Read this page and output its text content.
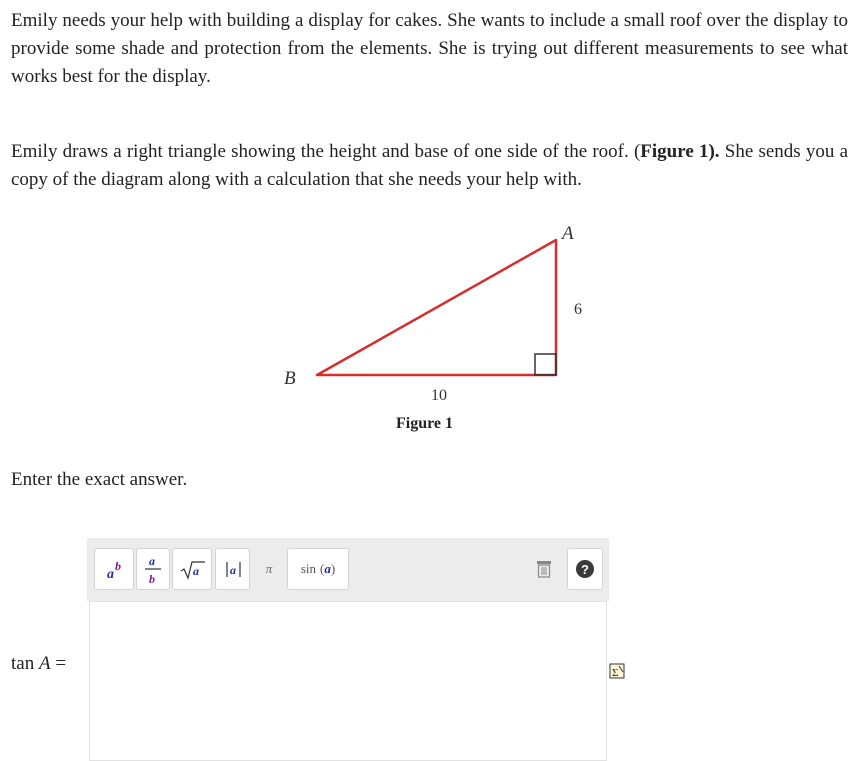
Emily needs your help with building a display for cakes. She wants to include a small roof over the display to provide some shade and protection from the elements. She is trying out different measurements to see what works best for the display.
Emily draws a right triangle showing the height and base of one side of the roof. (Figure 1). She sends you a copy of the diagram along with a calculation that she needs your help with.
A
B
6
10
Figure 1
Enter the exact answer.
a
b a
b
a	a π sin (a)	?
tan A =	Σ
